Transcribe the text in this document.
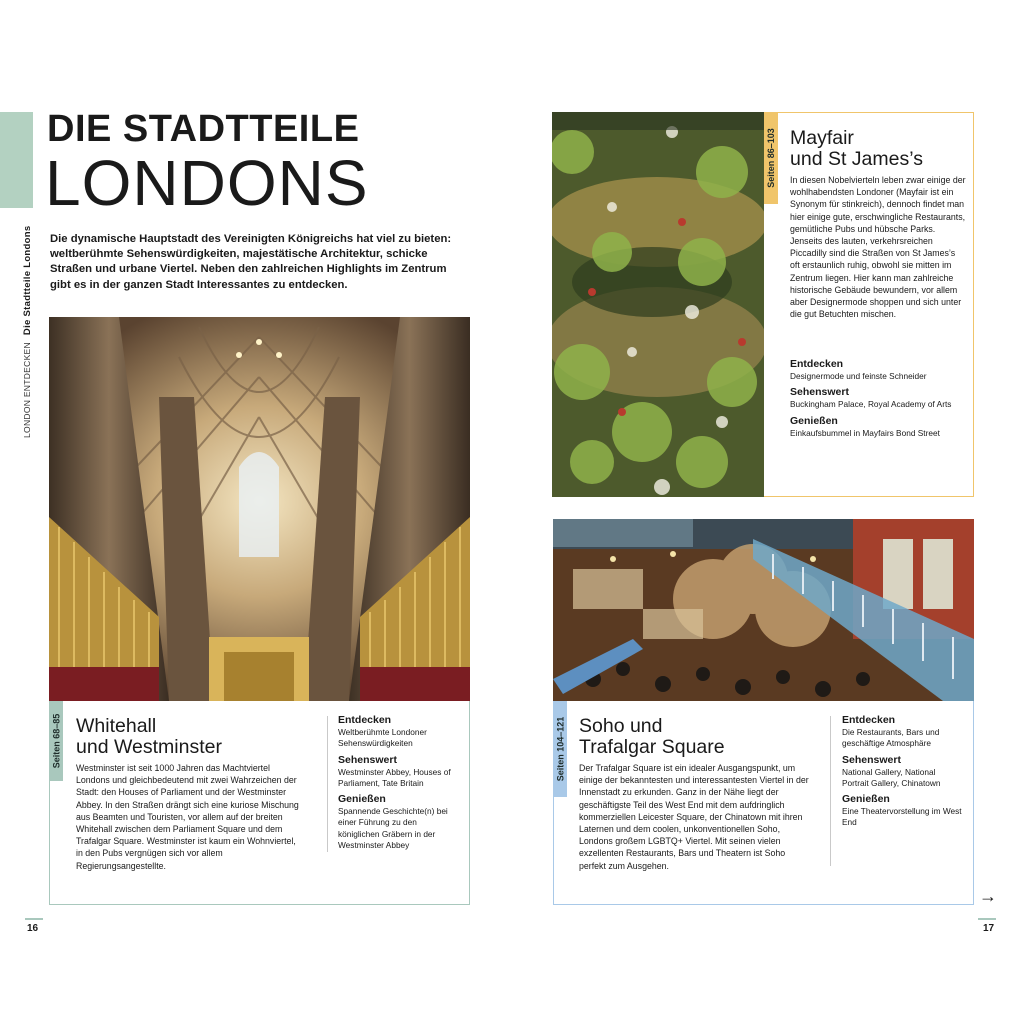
LONDON ENTDECKEN Die Stadtteile Londons
DIE STADTTEILE
LONDONS
Die dynamische Hauptstadt des Vereinigten Königreichs hat viel zu bieten: weltberühmte Sehenswürdigkeiten, majestätische Architektur, schicke Straßen und urbane Viertel. Neben den zahlreichen Highlights im Zentrum gibt es in der ganzen Stadt Interessantes zu entdecken.
Seiten 68–85 Whitehall
und Westminster
Westminster ist seit 1000 Jahren das Machtviertel Londons und gleichbedeutend mit zwei Wahrzeichen der Stadt: den Houses of Parliament und der Westminster Abbey. In den Straßen drängt sich eine kuriose Mischung aus Beamten und Touristen, vor allem auf der breiten Whitehall zwischen dem Parliament Square und dem Trafalgar Square. Westminster ist kaum ein Wohnviertel, in den Pubs vergnügen sich vor allem Regierungsangestellte.
Entdecken
Weltberühmte Londoner Sehenswürdigkeiten
Sehenswert
Westminster Abbey, Houses of Parliament, Tate Britain
Genießen
Spannende Geschichte(n) bei einer Führung zu den königlichen Gräbern in der Westminster Abbey
16
Seiten 86–103 Mayfair
und St James’s
In diesen Nobelvierteln leben zwar einige der wohlhabendsten Londoner (Mayfair ist ein Synonym für stinkreich), dennoch findet man hier einige gute, erschwingliche Restaurants, gemütliche Pubs und hübsche Parks. Jenseits des lauten, verkehrsreichen Piccadilly sind die Straßen von St James’s oft erstaunlich ruhig, obwohl sie mitten im Zentrum liegen. Hier kann man zahlreiche historische Gebäude bewundern, vor allem aber Designermode shoppen und sich unter die gut Betuchten mischen.
Entdecken
Designermode und feinste Schneider
Sehenswert
Buckingham Palace, Royal Academy of Arts
Genießen
Einkaufsbummel in Mayfairs Bond Street
Seiten 104–121 Soho und
Trafalgar Square
Der Trafalgar Square ist ein idealer Ausgangspunkt, um einige der bekanntesten und interessantesten Viertel in der Innenstadt zu erkunden. Ganz in der Nähe liegt der geschäftigste Teil des West End mit dem aufdringlich kommerziellen Leicester Square, der Chinatown mit ihren Laternen und dem coolen, unkonventionellen Soho, Londons großem LGBTQ+ Viertel. Mit seinen vielen exzellenten Restaurants, Bars und Theatern ist Soho perfekt zum Ausgehen.
Entdecken
Die Restaurants, Bars und geschäftige Atmosphäre
Sehenswert
National Gallery, National Portrait Gallery, Chinatown
Genießen
Eine Theatervorstellung im West End
→
17
